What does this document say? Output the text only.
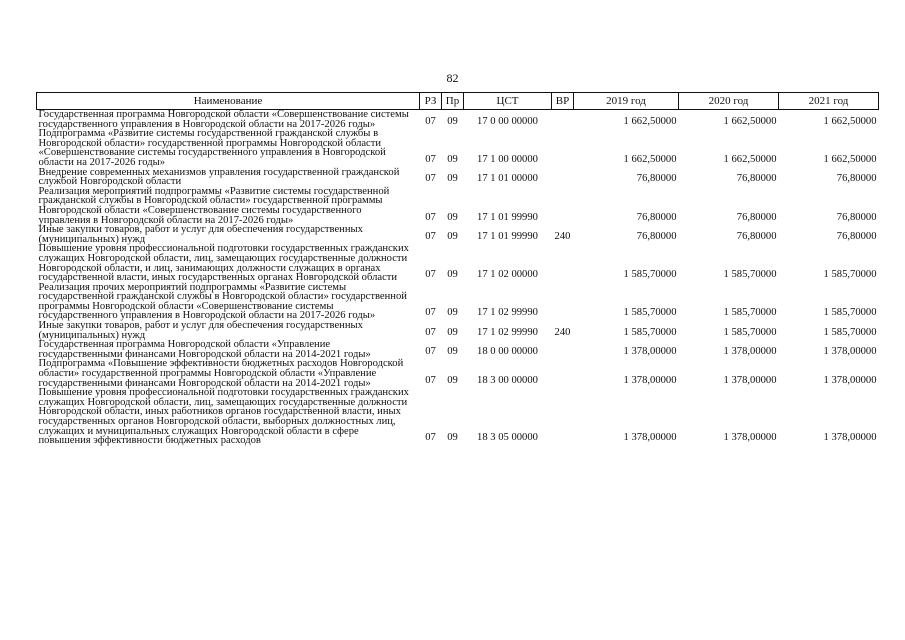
82
Наименование	РЗ	Пр	ЦСТ	ВР	2019 год	2020 год	2021 год
Государственная программа Новгородской области «Совершенствование системы государственного управления в Новгородской области на 2017-2026 годы»	07	09	17 0 00 00000		1 662,50000	1 662,50000	1 662,50000
Подпрограмма «Развитие системы государственной гражданской службы в Новгородской области» государственной программы Новгородской области «Совершенствование системы государственного управления в Новгородской области на 2017-2026 годы»	07	09	17 1 00 00000		1 662,50000	1 662,50000	1 662,50000
Внедрение современных механизмов управления государственной гражданской службой Новгородской области	07	09	17 1 01 00000		76,80000	76,80000	76,80000
Реализация мероприятий подпрограммы «Развитие системы государственной гражданской службы в Новгородской области» государственной программы Новгородской области «Совершенствование системы государственного управления в Новгородской области на 2017-2026 годы»	07	09	17 1 01 99990		76,80000	76,80000	76,80000
Иные закупки товаров, работ и услуг для обеспечения государственных (муниципальных) нужд	07	09	17 1 01 99990	240	76,80000	76,80000	76,80000
Повышение уровня профессиональной подготовки государственных гражданских служащих Новгородской области, лиц, замещающих государственные должности Новгородской области, и лиц, занимающих должности служащих в органах государственной власти, иных государственных органах Новгородской области	07	09	17 1 02 00000		1 585,70000	1 585,70000	1 585,70000
Реализация прочих мероприятий подпрограммы «Развитие системы государственной гражданской службы в Новгородской области» государственной программы Новгородской области «Совершенствование системы государственного управления в Новгородской области на 2017-2026 годы»	07	09	17 1 02 99990		1 585,70000	1 585,70000	1 585,70000
Иные закупки товаров, работ и услуг для обеспечения государственных (муниципальных) нужд	07	09	17 1 02 99990	240	1 585,70000	1 585,70000	1 585,70000
Государственная программа Новгородской области «Управление государственными финансами Новгородской области на 2014-2021 годы»	07	09	18 0 00 00000		1 378,00000	1 378,00000	1 378,00000
Подпрограмма «Повышение эффективности бюджетных расходов Новгородской области» государственной программы Новгородской области «Управление государственными финансами Новгородской области на 2014-2021 годы»	07	09	18 3 00 00000		1 378,00000	1 378,00000	1 378,00000
Повышение уровня профессиональной подготовки государственных гражданских служащих Новгородской области, лиц, замещающих государственные должности Новгородской области, иных работников органов государственной власти, иных государственных органов Новгородской области, выборных должностных лиц, служащих и муниципальных служащих Новгородской области в сфере повышения эффективности бюджетных расходов	07	09	18 3 05 00000		1 378,00000	1 378,00000	1 378,00000
